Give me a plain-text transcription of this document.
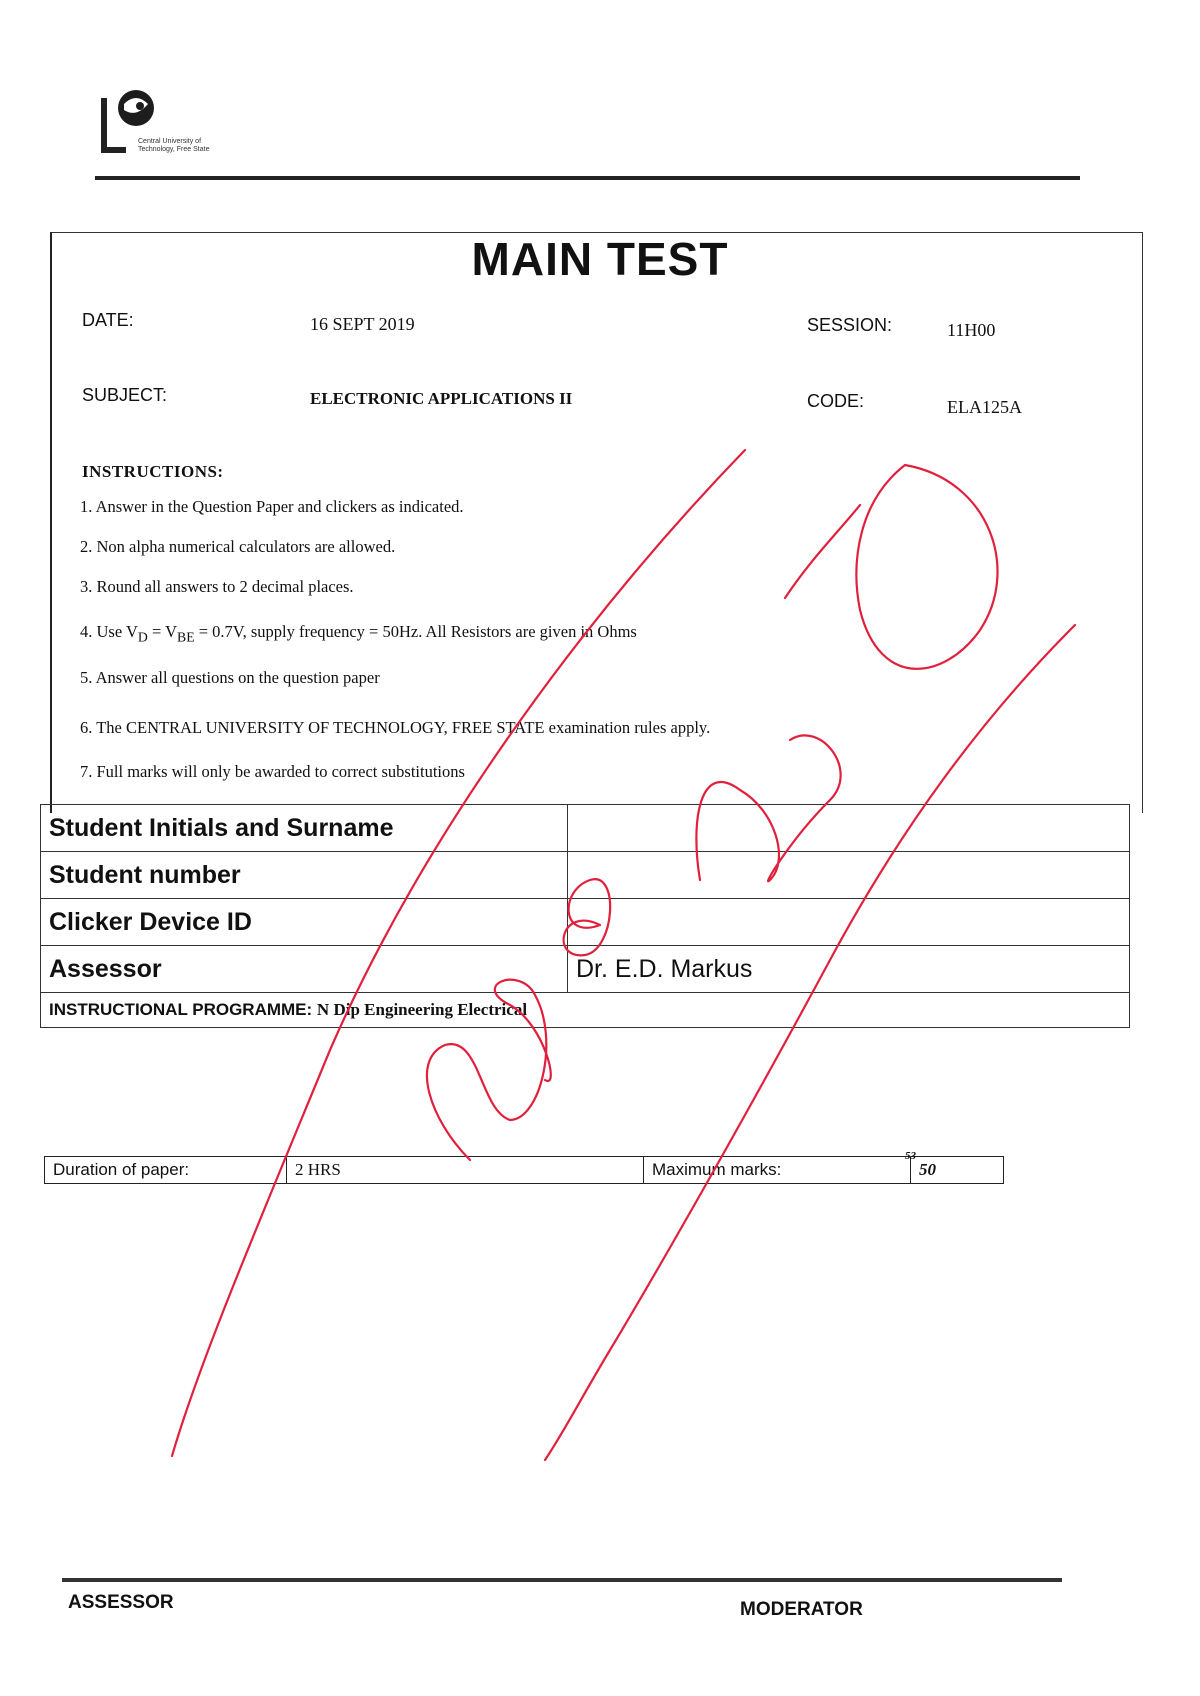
Central University of
Technology, Free State
MAIN TEST
DATE:	16 SEPT 2019	SESSION:	11H00
SUBJECT:	ELECTRONIC APPLICATIONS II	CODE:	ELA125A
INSTRUCTIONS:
1. Answer in the Question Paper and clickers as indicated.
2. Non alpha numerical calculators are allowed.
3. Round all answers to 2 decimal places.
4. Use $V_D = V_{BE} = 0.7V$, supply frequency = 50Hz. All Resistors are given in Ohms
5. Answer all questions on the question paper
6. The CENTRAL UNIVERSITY OF TECHNOLOGY, FREE STATE examination rules apply.
7. Full marks will only be awarded to correct substitutions
Student Initials and Surname	
Student number	
Clicker Device ID	
Assessor	Dr. E.D. Markus
INSTRUCTIONAL PROGRAMME: N Dip Engineering Electrical	
Duration of paper:	2 HRS	Maximum marks:	50
53
ASSESSOR	MODERATOR
